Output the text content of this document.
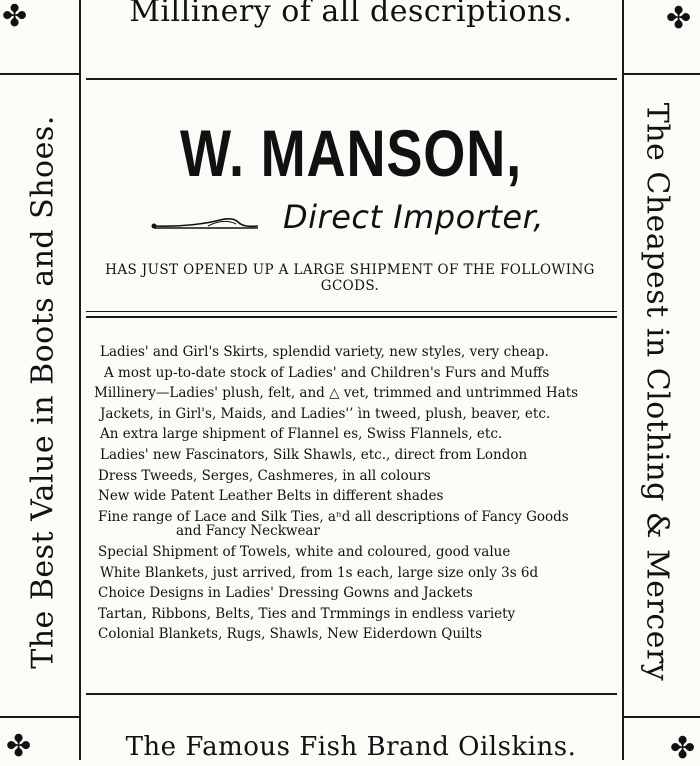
✤	✤
✤	✤
The Best Value in Boots and Shoes.	The Cheapest in Clothing & Mercery
Millinery of all descriptions.
W. MANSON,
Direct Importer,
HAS JUST OPENED UP A LARGE SHIPMENT OF THE FOLLOWING GCODS.
Ladies' and Girl's Skirts, splendid variety, new styles, very cheap.
A most up-to-date stock of Ladies' and Children's Furs and Muffs
Millinery—Ladies' plush, felt, and △ vet, trimmed and untrimmed Hats
Jackets, in Girl's, Maids, and Ladies'’ ìn tweed, plush, beaver, etc.
An extra large shipment of Flannel es, Swiss Flannels, etc.
Ladies' new Fascinators, Silk Shawls, etc., direct from London
Dress Tweeds, Serges, Cashmeres, in all colours
New wide Patent Leather Belts in different shades
Fine range of Lace and Silk Ties, aⁿd all descriptions of Fancy Goods
and Fancy Neckwear
Special Shipment of Towels, white and coloured, good value
White Blankets, just arrived, from 1s each, large size only 3s 6d
Choice Designs in Ladies' Dressing Gowns and Jackets
Tartan, Ribbons, Belts, Ties and Trmmings in endless variety
Colonial Blankets, Rugs, Shawls, New Eiderdown Quilts
The Famous Fish Brand Oilskins.
